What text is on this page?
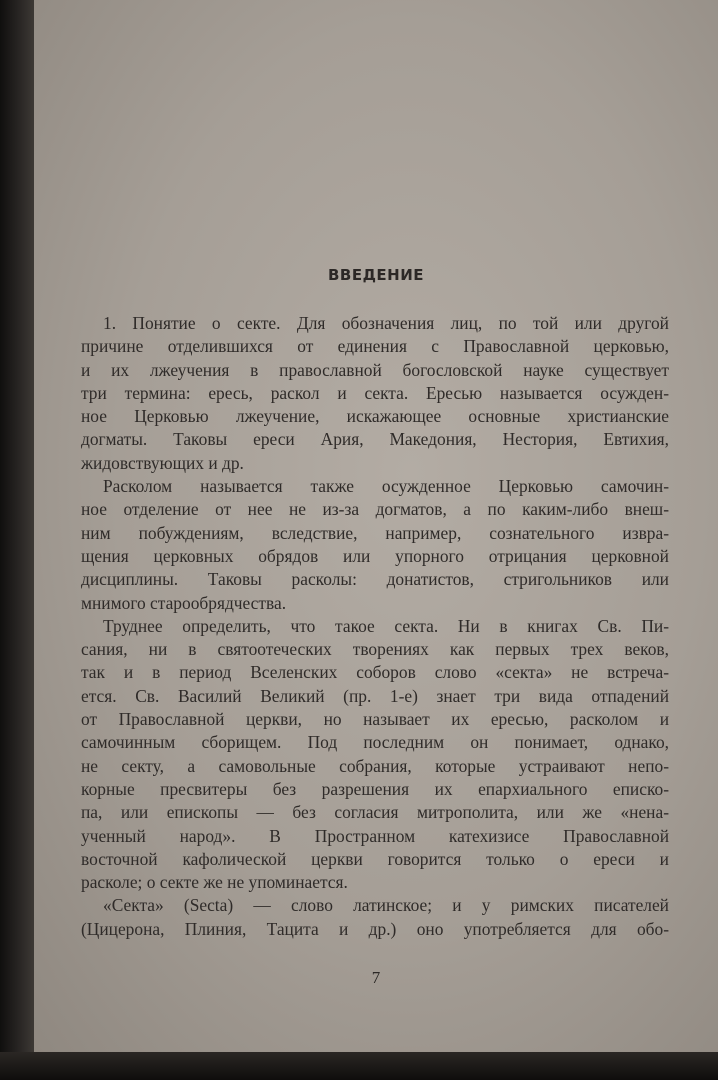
ВВЕДЕНИЕ
1. Понятие о секте. Для обозначения лиц, по той или другой
причине отделившихся от единения с Православной церковью,
и их лжеучения в православной богословской науке существует
три термина: ересь, раскол и секта. Ересью называется осужден-
ное Церковью лжеучение, искажающее основные христианские
догматы. Таковы ереси Ария, Македония, Нестория, Евтихия,
жидовствующих и др.
Расколом называется также осужденное Церковью самочин-
ное отделение от нее не из-за догматов, а по каким-либо внеш-
ним побуждениям, вследствие, например, сознательного извра-
щения церковных обрядов или упорного отрицания церковной
дисциплины. Таковы расколы: донатистов, стригольников или
мнимого старообрядчества.
Труднее определить, что такое секта. Ни в книгах Св. Пи-
сания, ни в святоотеческих творениях как первых трех веков,
так и в период Вселенских соборов слово «секта» не встреча-
ется. Св. Василий Великий (пр. 1-е) знает три вида отпадений
от Православной церкви, но называет их ересью, расколом и
самочинным сборищем. Под последним он понимает, однако,
не секту, а самовольные собрания, которые устраивают непо-
корные пресвитеры без разрешения их епархиального еписко-
па, или епископы — без согласия митрополита, или же «нена-
ученный народ». В Пространном катехизисе Православной
восточной кафолической церкви говорится только о ереси и
расколе; о секте же не упоминается.
«Секта» (Secta) — слово латинское; и у римских писателей
(Цицерона, Плиния, Тацита и др.) оно употребляется для обо-
7
